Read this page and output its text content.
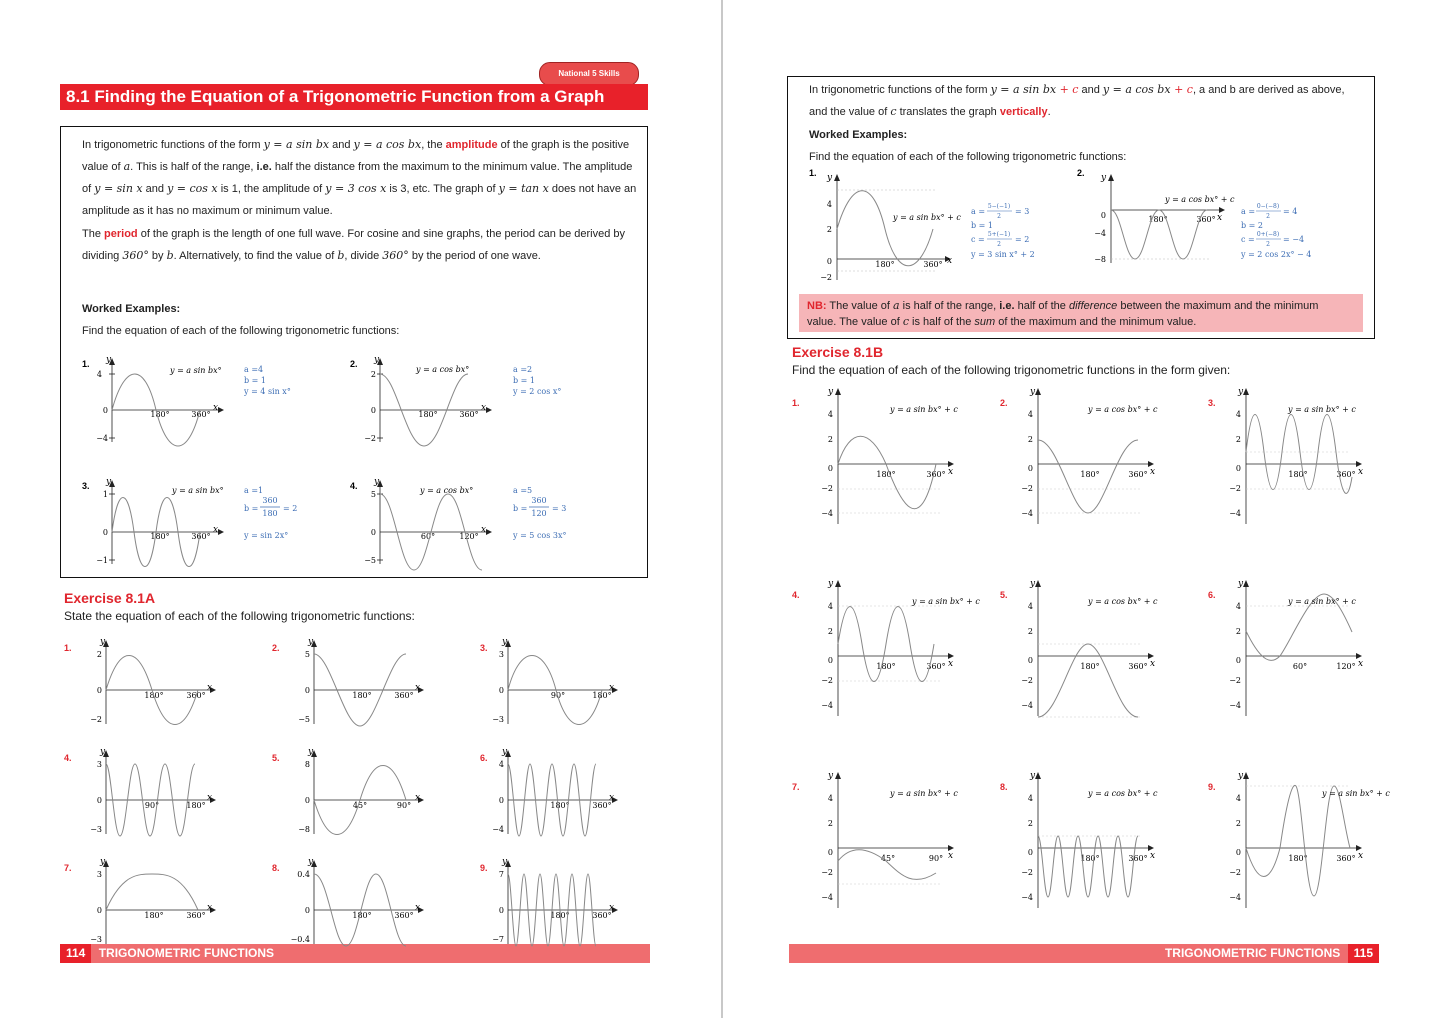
National 5 Skills
8.1 Finding the Equation of a Trigonometric Function from a Graph
In trigonometric functions of the form y = a sin bx and y = a cos bx, the amplitude of the graph is the positive
value of a. This is half of the range, i.e. half the distance from the maximum to the minimum value. The amplitude
of y = sin x and y = cos x is 1, the amplitude of y = 3 cos x is 3, etc. The graph of y = tan x does not have an
amplitude as it has no maximum or minimum value.
The period of the graph is the length of one full wave. For cosine and sine graphs, the period can be derived by
dividing 360° by b. Alternatively, to find the value of b, divide 360° by the period of one wave.
Worked Examples:
Find the equation of each of the following trigonometric functions:
Exercise 8.1A
State the equation of each of the following trigonometric functions:
114 TRIGONOMETRIC FUNCTIONS
In trigonometric functions of the form y = a sin bx + c and y = a cos bx + c, a and b are derived as above,
and the value of c translates the graph vertically.
Worked Examples:
Find the equation of each of the following trigonometric functions:
NB: The value of a is half of the range, i.e. half of the difference between the maximum and the minimum
value. The value of c is half of the sum of the maximum and the minimum value.
Exercise 8.1B
Find the equation of each of the following trigonometric functions in the form given:
TRIGONOMETRIC FUNCTIONS 115
1. y
x
4
−4
0	180°	360°
y = a sin bx°	a =4
b = 1
y = 4 sin x°
2. y
x
2
−2
0	180°	360°
y = a cos bx°	a =2
b = 1
y = 2 cos x°
3. y
x
1
−1
0	180°	360°
y = a sin bx°	a =1
b =
360
180
= 2
y = sin 2x°
4. y
x
5
−5
0	60°	120°
y = a cos bx°	a =5
b =
360
120
= 3
y = 5 cos 3x°
1.
y
x
2
−2
0
180°	360°
2.
y
x
5
−5
0
180°	360°
3.
y
x
3
−3
0
90°	180°
4.
y
x
3
−3
0
90°	180°
5.
y
x
8
−8
0
45°	90°
6.
y
x
4
−4
0
180°	360°
7.
y
x
3
−3
0
180°	360°
8.
y
x
0.4
−0.4
0
180°	360°
9.
y
x
7
−7
0
180°	360°
1. y
x
4
2
0
−2
180°	360°
y = a sin bx° + c
a =
5−(−1)
2
= 3
b = 1
c =
5+(−1)
2
= 2
y = 3 sin x° + 2
2. y
x
0
−4
−8
180°	360°
y = a cos bx° + c
a =
0−(−8)
2
= 4
b = 2
c =
0+(−8)
2
= −4
y = 2 cos 2x° − 4
1.
y
x
4
2
0
−2
−4
180°	360°
y = a sin bx° + c
2.
y
x
4
2
0
−2
−4
180°	360°
y = a cos bx° + c
3.
y
x
4
2
0
−2
−4
180°	360°
y = a sin bx° + c
4.
y
x
4
2
0
−2
−4
180°	360°
y = a sin bx° + c
5.
y
x
4
2
0
−2
−4
180°	360°
y = a cos bx° + c
6.
y
x
4
2
0
−2
−4
60°	120°
y = a sin bx° + c
7.
y
x
4
2
0
−2
−4
45°	90°
y = a sin bx° + c
8.
y
x
4
2
0
−2
−4
180°	360°
y = a cos bx° + c
9.
y
x
4
2
0
−2
−4
180°	360°
y = a sin bx° + c
